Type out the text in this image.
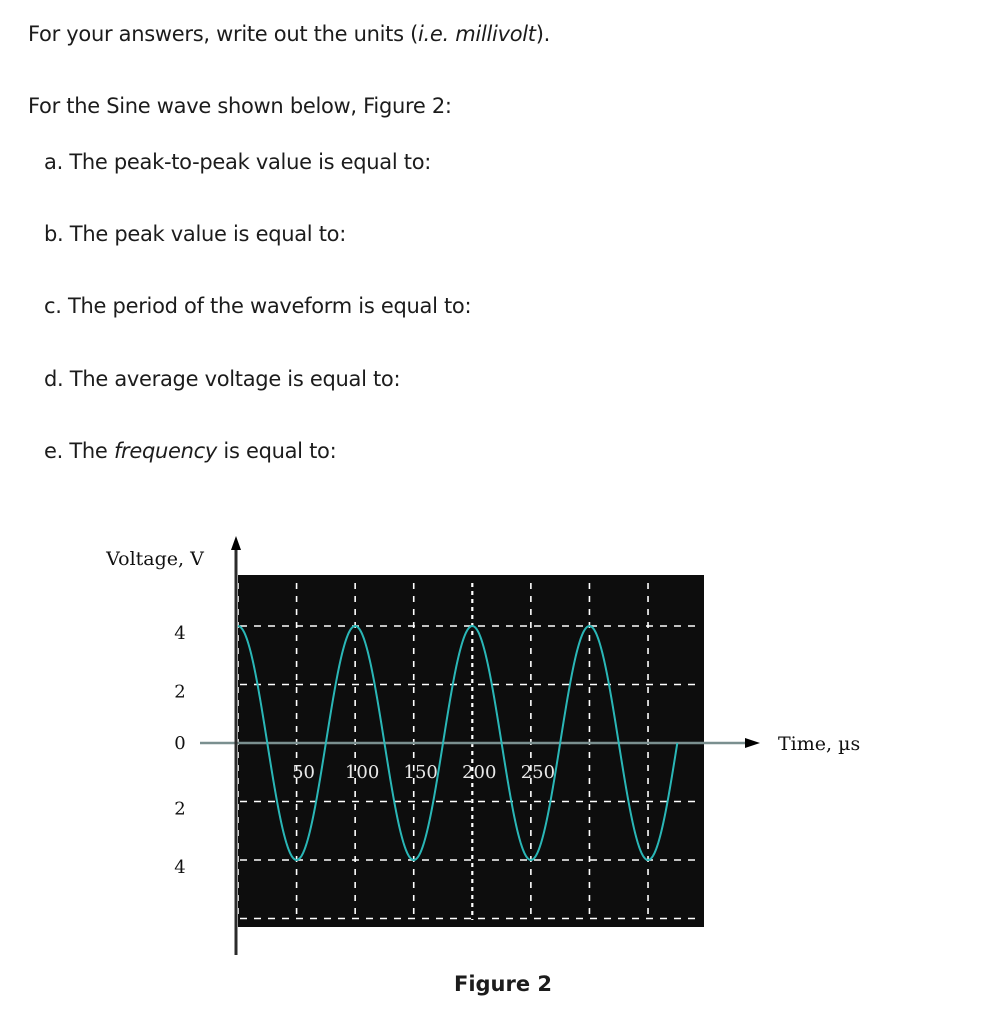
For your answers, write out the units (i.e. millivolt).
For the Sine wave shown below, Figure 2:
a. The peak-to-peak value is equal to:
b. The peak value is equal to:
c. The period of the waveform is equal to:
d. The average voltage is equal to:
e. The frequency is equal to:
4
2
0
2
4
50 100 150 200 250
Voltage, V
Time, µs
Figure 2
